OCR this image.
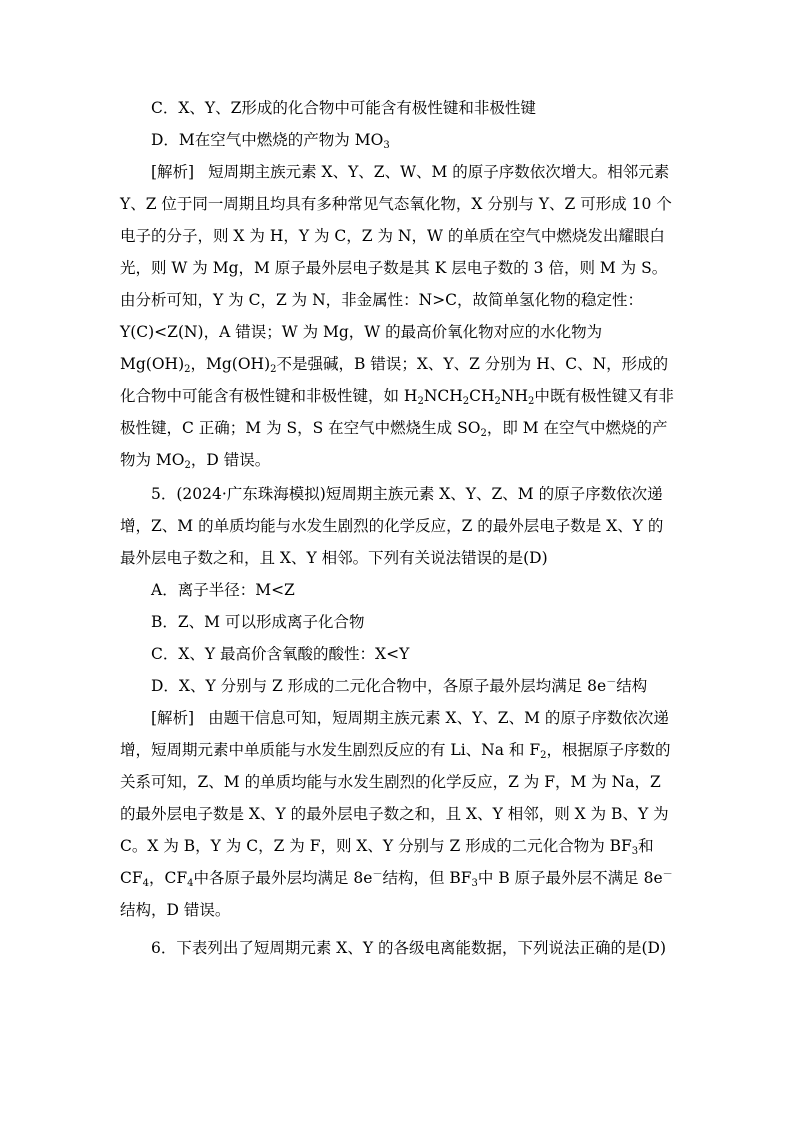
C．X、Y、Z形成的化合物中可能含有极性键和非极性键

D．M在空气中燃烧的产物为 $MO_3$

[解析] 短周期主族元素 X、Y、Z、W、M 的原子序数依次增大。相邻元素 Y、Z 位于同一周期且均具有多种常见气态氧化物，X 分别与 Y、Z 可形成 10 个电子的分子，则 X 为 H，Y 为 C，Z 为 N，W 的单质在空气中燃烧发出耀眼白光，则 W 为 Mg，M 原子最外层电子数是其 K 层电子数的 3 倍，则 M 为 S。由分析可知，Y 为 C，Z 为 N，非金属性：N>C，故简单氢化物的稳定性：Y(C)<Z(N)，A 错误；W 为 Mg，W 的最高价氧化物对应的水化物为 $Mg(OH)_2$，$Mg(OH)_2$不是强碱，B 错误；X、Y、Z 分别为 H、C、N，形成的化合物中可能含有极性键和非极性键，如 $H_2NCH_2CH_2NH_2$中既有极性键又有非极性键，C 正确；M 为 S，S 在空气中燃烧生成 $SO_2$，即 M 在空气中燃烧的产物为 $MO_2$，D 错误。

5．(2024·广东珠海模拟)短周期主族元素 X、Y、Z、M 的原子序数依次递增，Z、M 的单质均能与水发生剧烈的化学反应，Z 的最外层电子数是 X、Y 的最外层电子数之和，且 X、Y 相邻。下列有关说法错误的是(D)

A．离子半径：M<Z

B．Z、M 可以形成离子化合物

C．X、Y 最高价含氧酸的酸性：X<Y

D．X、Y 分别与 Z 形成的二元化合物中，各原子最外层均满足 8e－结构

[解析] 由题干信息可知，短周期主族元素 X、Y、Z、M 的原子序数依次递增，短周期元素中单质能与水发生剧烈反应的有 Li、Na 和 $F_2$，根据原子序数的关系可知，Z、M 的单质均能与水发生剧烈的化学反应，Z 为 F，M 为 Na，Z 的最外层电子数是 X、Y 的最外层电子数之和，且 X、Y 相邻，则 X 为 B、Y 为 C。X 为 B，Y 为 C，Z 为 F，则 X、Y 分别与 Z 形成的二元化合物为 $BF_3$和 $CF_4$，$CF_4$中各原子最外层均满足 8e－结构，但 $BF_3$中 B 原子最外层不满足 8e－结构，D 错误。

6．下表列出了短周期元素 X、Y 的各级电离能数据，下列说法正确的是(D)
